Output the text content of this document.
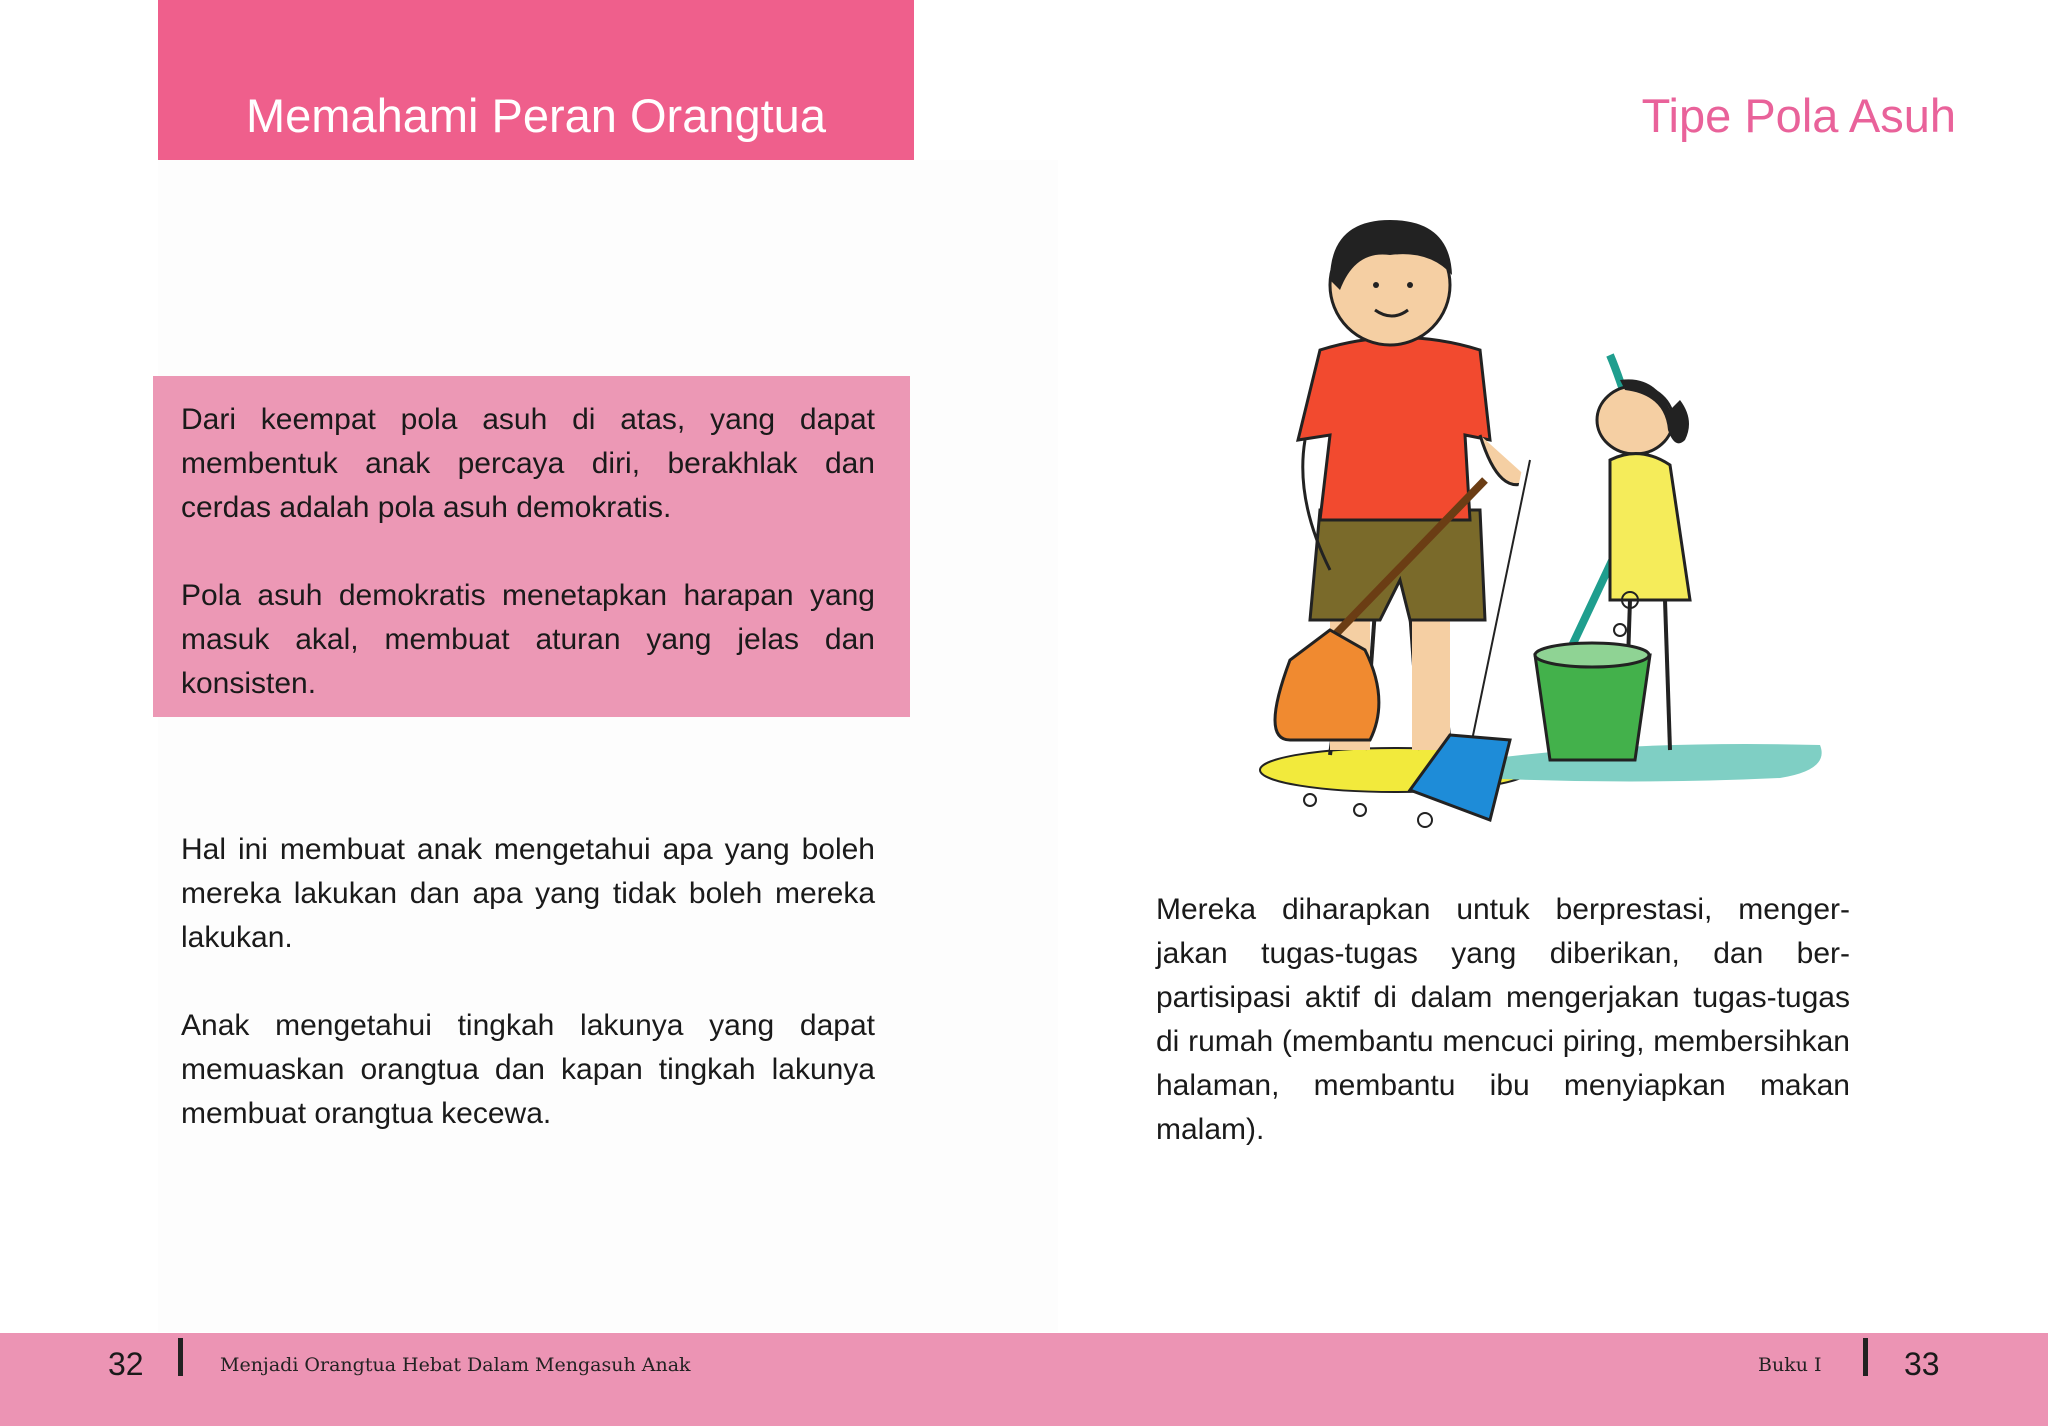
Memahami Peran Orangtua	Tipe Pola Asuh

Dari keempat pola asuh di atas, yang dapat membentuk anak percaya diri, berakhlak dan cerdas adalah pola asuh demokratis.

Pola asuh demokratis menetapkan harapan yang masuk akal, membuat aturan yang jelas dan konsisten.

Hal ini membuat anak mengetahui apa yang boleh mereka lakukan dan apa yang tidak boleh mereka lakukan.

Anak mengetahui tingkah lakunya yang dapat memuaskan orangtua dan kapan tingkah lakunya membuat orangtua kecewa.

Mereka diharapkan untuk berprestasi, menger-jakan tugas-tugas yang diberikan, dan ber-partisipasi aktif di dalam mengerjakan tugas-tugas di rumah (membantu mencuci piring, membersihkan halaman, membantu ibu menyiapkan makan malam).

32	Menjadi Orangtua Hebat Dalam Mengasuh Anak	Buku I	33
